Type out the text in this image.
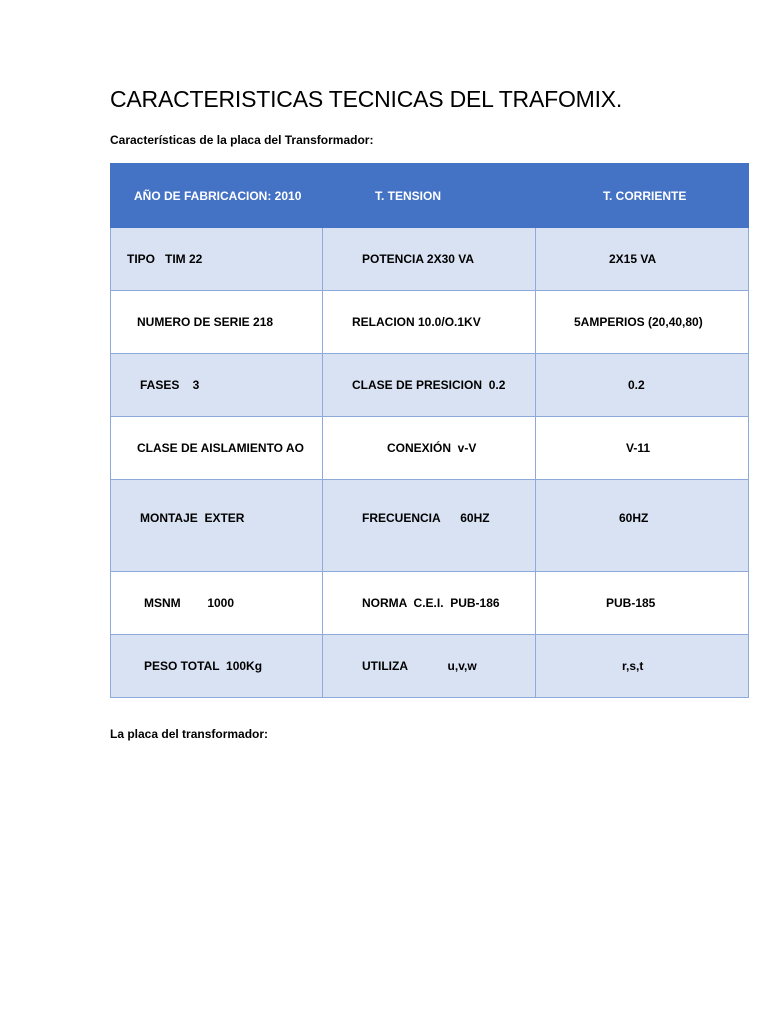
CARACTERISTICAS TECNICAS DEL TRAFOMIX.
Características de la placa del Transformador:
AÑO DE FABRICACION: 2010	T. TENSION	T. CORRIENTE
TIPO   TIM 22	POTENCIA 2X30 VA	2X15 VA
NUMERO DE SERIE 218	RELACION 10.0/O.1KV	5AMPERIOS (20,40,80)
FASES    3	CLASE DE PRESICION  0.2	0.2
CLASE DE AISLAMIENTO AO	CONEXIÓN  v-V	V-11
MONTAJE  EXTER	FRECUENCIA      60HZ	60HZ
MSNM        1000	NORMA  C.E.I.  PUB-186	PUB-185
PESO TOTAL  100Kg	UTILIZA            u,v,w	r,s,t
La placa del transformador:
